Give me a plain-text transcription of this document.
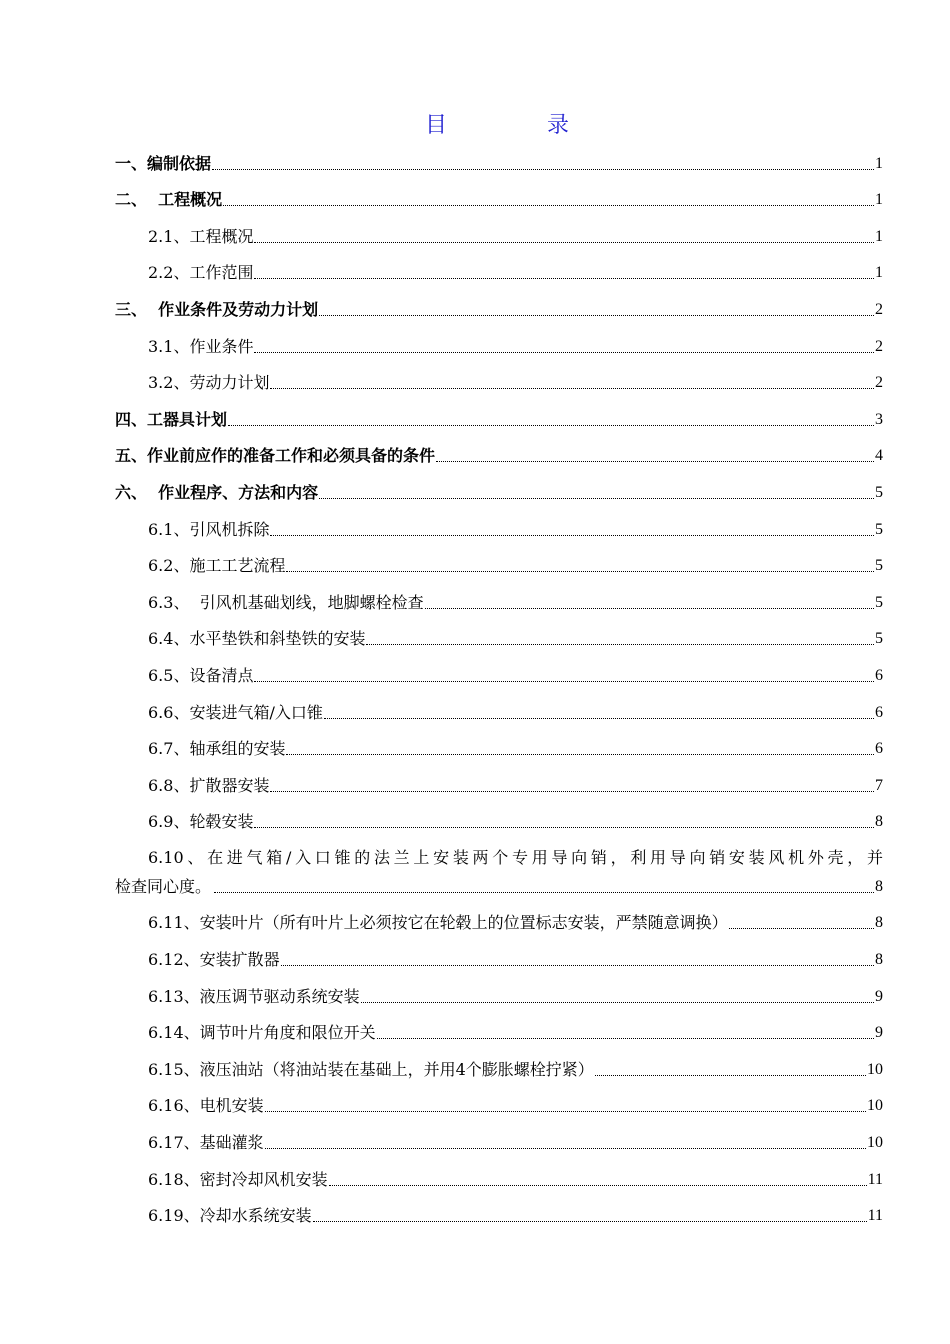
目	录
一、编制依据	1
二、  工程概况	1
2.1、工程概况	1
2.2、工作范围	1
三、  作业条件及劳动力计划	2
3.1、作业条件	2
3.2、劳动力计划	2
四、工器具计划	3
五、作业前应作的准备工作和必须具备的条件	4
六、  作业程序、方法和内容	5
6.1、引风机拆除	5
6.2、施工工艺流程	5
6.3、  引风机基础划线，地脚螺栓检查	5
6.4、水平垫铁和斜垫铁的安装	5
6.5、设备清点	6
6.6、安装进气箱/入口锥	6
6.7、轴承组的安装	6
6.8、扩散器安装	7
6.9、轮毂安装	8
6.10、在进气箱/入口锥的法兰上安装两个专用导向销，利用导向销安装风机外壳，并
检查同心度。	8
6.11、安装叶片（所有叶片上必须按它在轮毂上的位置标志安装，严禁随意调换）	8
6.12、安装扩散器	8
6.13、液压调节驱动系统安装	9
6.14、调节叶片角度和限位开关	9
6.15、液压油站（将油站装在基础上，并用4个膨胀螺栓拧紧）	10
6.16、电机安装	10
6.17、基础灌浆	10
6.18、密封冷却风机安装	11
6.19、冷却水系统安装	11
